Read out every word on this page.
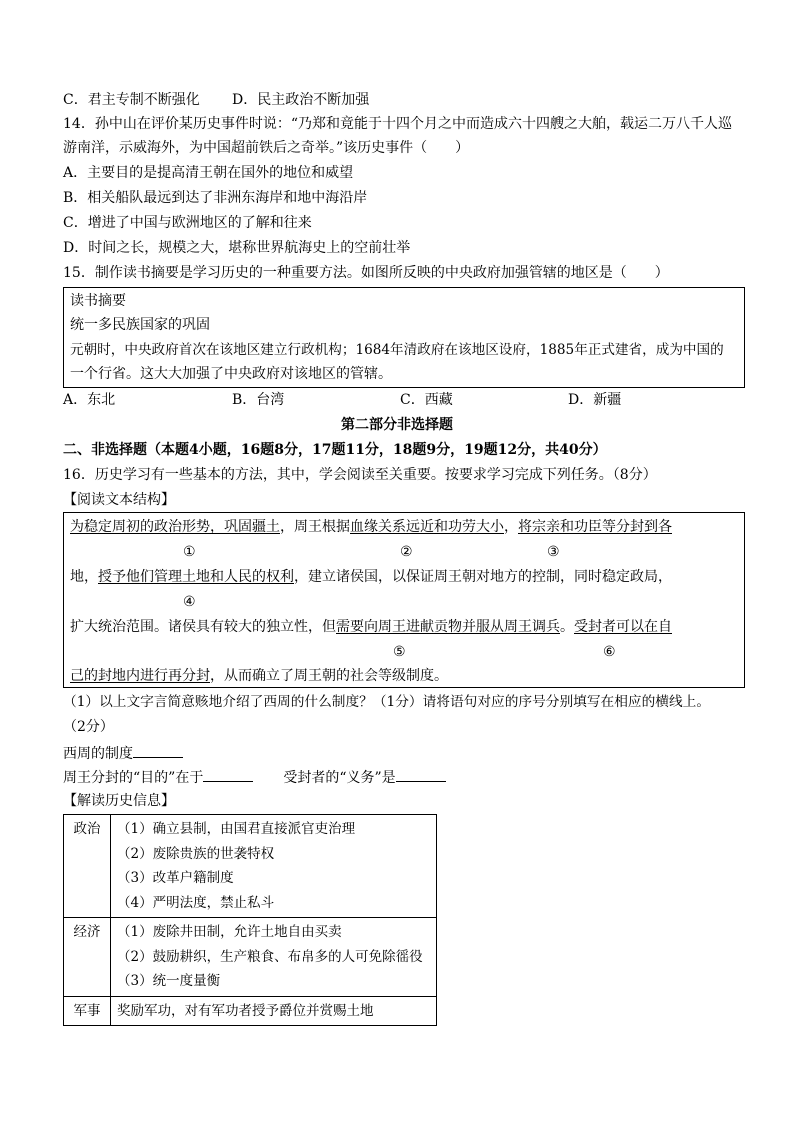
C．君主专制不断强化 D．民主政治不断加强
14．孙中山在评价某历史事件时说：“乃郑和竟能于十四个月之中而造成六十四艘之大舶，载运二万八千人巡
游南洋，示威海外，为中国超前铁后之奇举。”该历史事件（　　）
A．主要目的是提高清王朝在国外的地位和威望
B．相关船队最远到达了非洲东海岸和地中海沿岸
C．增进了中国与欧洲地区的了解和往来
D．时间之长，规模之大，堪称世界航海史上的空前壮举
15．制作读书摘要是学习历史的一种重要方法。如图所反映的中央政府加强管辖的地区是（　　）
读书摘要
统一多民族国家的巩固
元朝时，中央政府首次在该地区建立行政机构；1684年清政府在该地区设府，1885年正式建省，成为中国的
一个行省。这大大加强了中央政府对该地区的管辖。
A．东北	B．台湾	C．西藏	D．新疆
第二部分非选择题
二、非选择题（本题4小题，16题8分，17题11分，18题9分，19题12分，共40分）
16．历史学习有一些基本的方法，其中，学会阅读至关重要。按要求学习完成下列任务。（8分）
【阅读文本结构】
为稳定周初的政治形势，巩固疆土，周王根据血缘关系远近和功劳大小，将宗亲和功臣等分封到各
①	②	③
地，授予他们管理土地和人民的权利，建立诸侯国，以保证周王朝对地方的控制，同时稳定政局，
④
扩大统治范围。诸侯具有较大的独立性，但需要向周王进献贡物并服从周王调兵。受封者可以在自
⑤	⑥
己的封地内进行再分封，从而确立了周王朝的社会等级制度。
（1）以上文字言简意赅地介绍了西周的什么制度？（1分）请将语句对应的序号分别填写在相应的横线上。
（2分）
西周的制度
周王分封的“目的”在于	受封者的“义务”是
【解读历史信息】
政治	（1）确立县制，由国君直接派官吏治理
（2）废除贵族的世袭特权
（3）改革户籍制度
（4）严明法度，禁止私斗

经济	（1）废除井田制，允许土地自由买卖
（2）鼓励耕织，生产粮食、布帛多的人可免除徭役
（3）统一度量衡

军事	奖励军功，对有军功者授予爵位并赏赐土地
